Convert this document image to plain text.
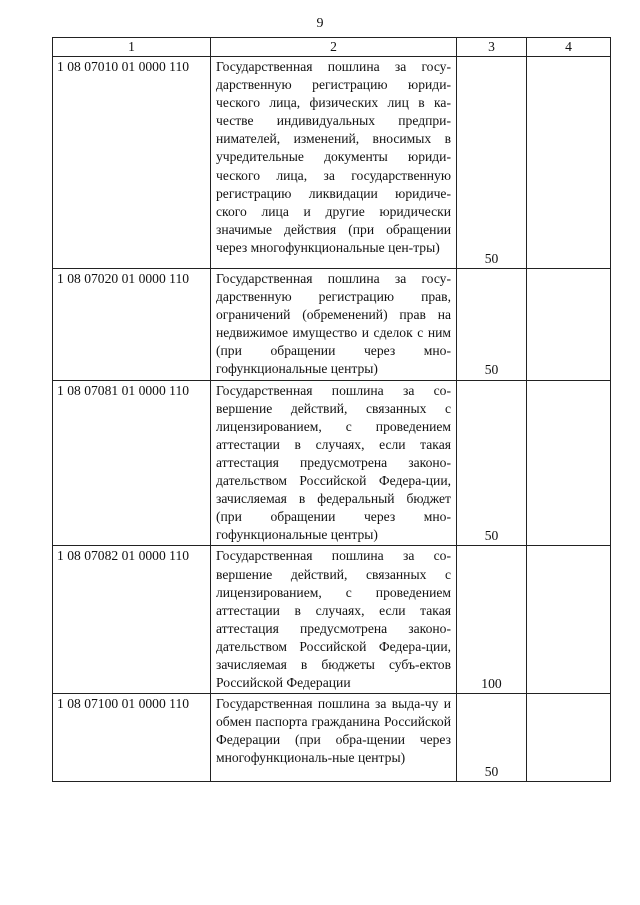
9
1	2	3	4
1 08 07010 01 0000 110	Государственная пошлина за госу-дарственную регистрацию юриди-ческого лица, физических лиц в ка-честве индивидуальных предпри-нимателей, изменений, вносимых в учредительные документы юриди-ческого лица, за государственную регистрацию ликвидации юридиче-ского лица и другие юридически значимые действия (при обращении через многофункциональные цен-тры)	50	
1 08 07020 01 0000 110	Государственная пошлина за госу-дарственную регистрацию прав, ограничений (обременений) прав на недвижимое имущество и сделок с ним (при обращении через мно-гофункциональные центры)	50	
1 08 07081 01 0000 110	Государственная пошлина за со-вершение действий, связанных с лицензированием, с проведением аттестации в случаях, если такая аттестация предусмотрена законо-дательством Российской Федера-ции, зачисляемая в федеральный бюджет (при обращении через мно-гофункциональные центры)	50	
1 08 07082 01 0000 110	Государственная пошлина за со-вершение действий, связанных с лицензированием, с проведением аттестации в случаях, если такая аттестация предусмотрена законо-дательством Российской Федера-ции, зачисляемая в бюджеты субъ-ектов Российской Федерации	100	
1 08 07100 01 0000 110	Государственная пошлина за выда-чу и обмен паспорта гражданина Российской Федерации (при обра-щении через многофункциональ-ные центры)	50	
